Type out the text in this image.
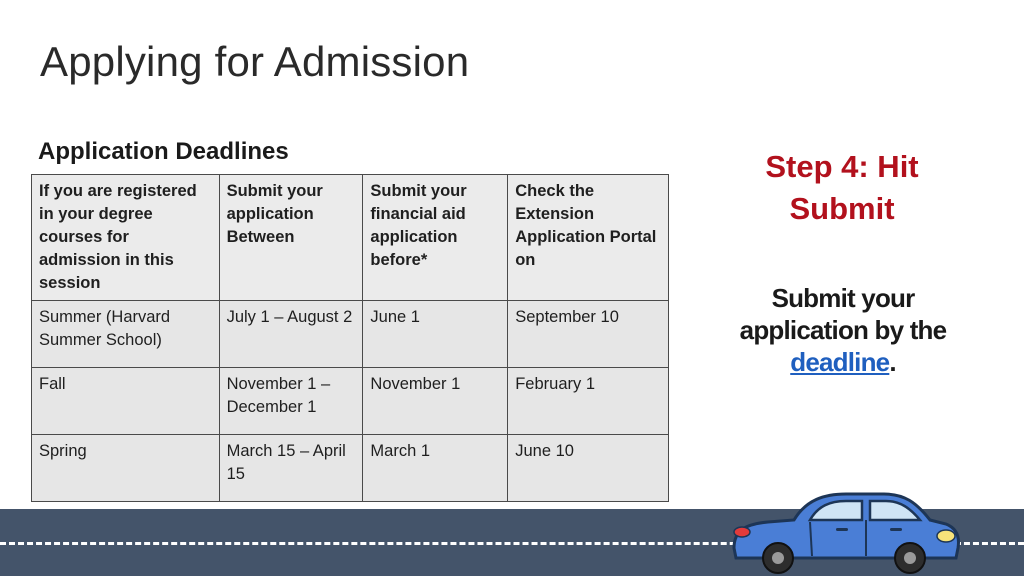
Applying for Admission
Application Deadlines
If you are registered in your degree courses for admission in this session	Submit your application Between	Submit your financial aid application before*	Check the Extension Application Portal on
Summer (Harvard Summer School)	July 1 – August 2	June 1	September 10
Fall	November 1 – December 1	November 1	February 1
Spring	March 15 – April 15	March 1	June 10
Step 4: Hit Submit
Submit your application by the deadline.
